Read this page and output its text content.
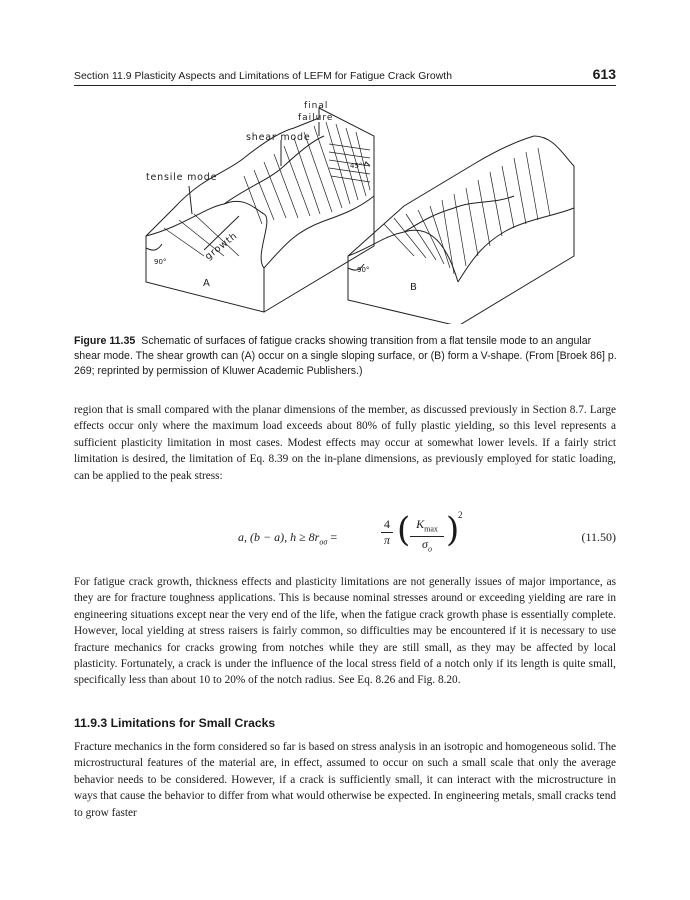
Section 11.9 Plasticity Aspects and Limitations of LEFM for Fatigue Crack Growth	613
final
failure
shear mode
tensile mode
growth
45°
90°
90°
A	B
Figure 11.35 Schematic of surfaces of fatigue cracks showing transition from a flat tensile mode to an angular shear mode. The shear growth can (A) occur on a single sloping surface, or (B) form a V-shape. (From [Broek 86] p. 269; reprinted by permission of Kluwer Academic Publishers.)

region that is small compared with the planar dimensions of the member, as discussed previously in Section 8.7. Large effects occur only where the maximum load exceeds about 80% of fully plastic yielding, so this level represents a sufficient plasticity limitation in most cases. Modest effects may occur at somewhat lower levels. If a fairly strict limitation is desired, the limitation of Eq. 8.39 on the in-plane dimensions, as previously employed for static loading, can be applied to the peak stress:

a, (b − a), $h \ge 8r_{o\sigma}$ =	$\frac{4}{\pi}$ ( $K_{max}$
$\sigma_o$ )
2
(11.50)

For fatigue crack growth, thickness effects and plasticity limitations are not generally issues of major importance, as they are for fracture toughness applications. This is because nominal stresses around or exceeding yielding are rare in engineering situations except near the very end of the life, when the fatigue crack growth phase is essentially complete. However, local yielding at stress raisers is fairly common, so difficulties may be encountered if it is necessary to use fracture mechanics for cracks growing from notches while they are still small, as they may be affected by local plasticity. Fortunately, a crack is under the influence of the local stress field of a notch only if its length is quite small, specifically less than about 10 to 20% of the notch radius. See Eq. 8.26 and Fig. 8.20.

11.9.3 Limitations for Small Cracks

Fracture mechanics in the form considered so far is based on stress analysis in an isotropic and homogeneous solid. The microstructural features of the material are, in effect, assumed to occur on such a small scale that only the average behavior needs to be considered. However, if a crack is sufficiently small, it can interact with the microstructure in ways that cause the behavior to differ from what would otherwise be expected. In engineering metals, small cracks tend to grow faster
